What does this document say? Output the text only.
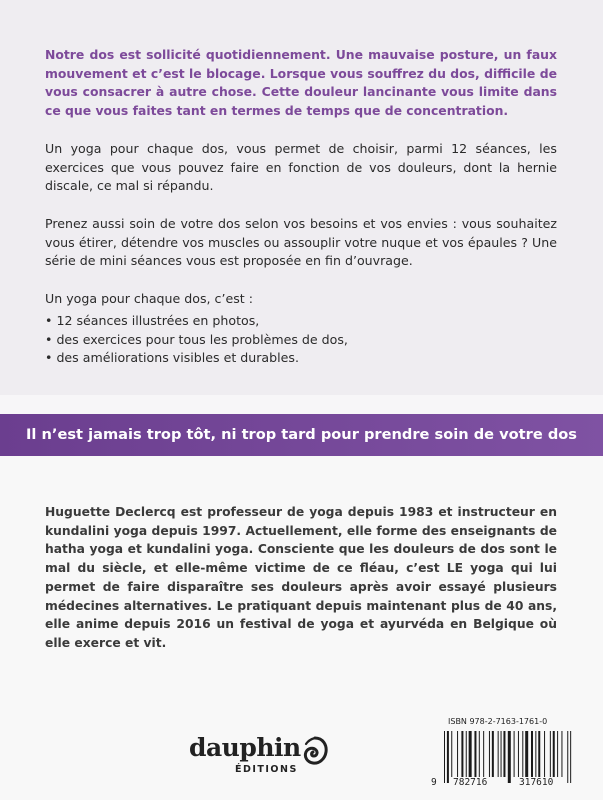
Notre dos est sollicité quotidiennement. Une mauvaise posture, un faux mouvement et c’est le blocage. Lorsque vous souffrez du dos, difficile de vous consacrer à autre chose. Cette douleur lancinante vous limite dans ce que vous faites tant en termes de temps que de concentration.

Un yoga pour chaque dos, vous permet de choisir, parmi 12 séances, les exercices que vous pouvez faire en fonction de vos douleurs, dont la hernie discale, ce mal si répandu.

Prenez aussi soin de votre dos selon vos besoins et vos envies : vous souhaitez vous étirer, détendre vos muscles ou assouplir votre nuque et vos épaules ? Une série de mini séances vous est proposée en fin d’ouvrage.

Un yoga pour chaque dos, c’est :

• 12 séances illustrées en photos,
• des exercices pour tous les problèmes de dos,
• des améliorations visibles et durables.
Il n’est jamais trop tôt, ni trop tard pour prendre soin de votre dos

Huguette Declercq est professeur de yoga depuis 1983 et instructeur en kundalini yoga depuis 1997. Actuellement, elle forme des enseignants de hatha yoga et kundalini yoga. Consciente que les douleurs de dos sont le mal du siècle, et elle-même victime de ce fléau, c’est LE yoga qui lui permet de faire disparaître ses douleurs après avoir essayé plusieurs médecines alternatives. Le pratiquant depuis maintenant plus de 40 ans, elle anime depuis 2016 un festival de yoga et ayurvéda en Belgique où elle exerce et vit.

dauphin
ÉDITIONS
ISBN 978-2-7163-1761-0
9 782716	317610
